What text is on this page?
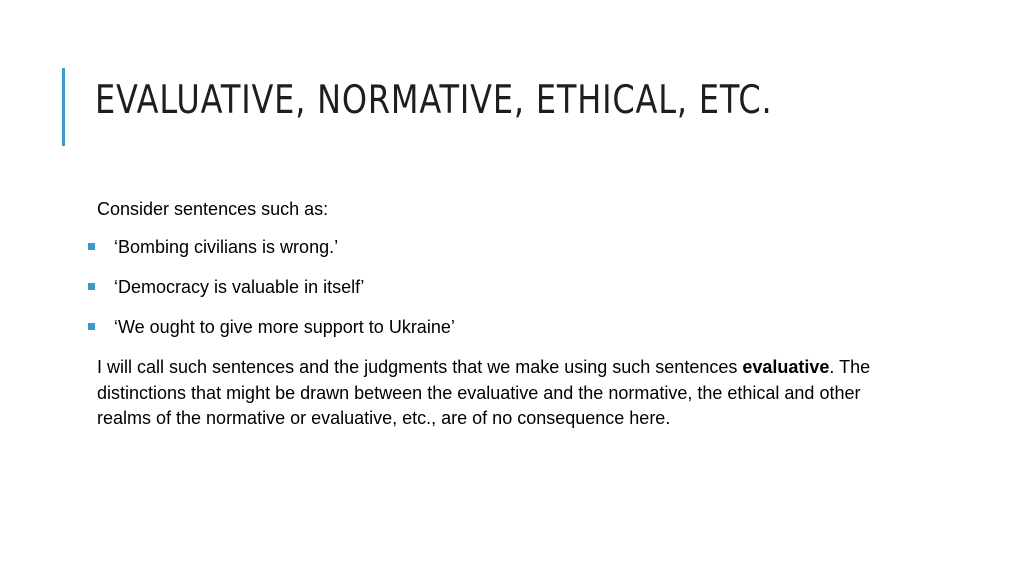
EVALUATIVE, NORMATIVE, ETHICAL, ETC.

Consider sentences such as:

‘Bombing civilians is wrong.’
‘Democracy is valuable in itself’
‘We ought to give more support to Ukraine’

I will call such sentences and the judgments that we make using such sentences evaluative. The distinctions that might be drawn between the evaluative and the normative, the ethical and other realms of the normative or evaluative, etc., are of no consequence here.
